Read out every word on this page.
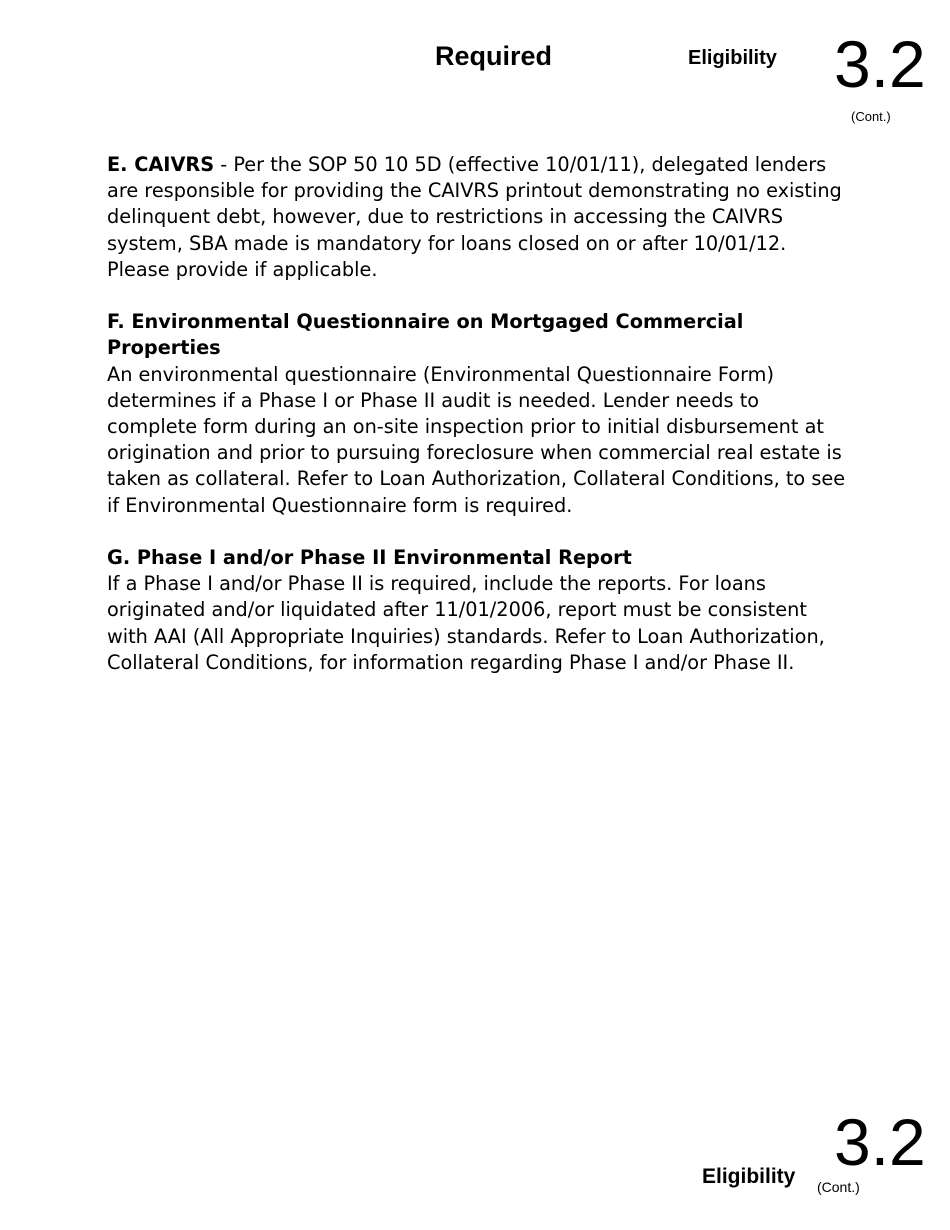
Required	Eligibility 3.2
(Cont.)

E. CAIVRS - Per the SOP 50 10 5D (effective 10/01/11), delegated lenders are responsible for providing the CAIVRS printout demonstrating no existing delinquent debt, however, due to restrictions in accessing the CAIVRS system, SBA made is mandatory for loans closed on or after 10/01/12. Please provide if applicable.

F. Environmental Questionnaire on Mortgaged Commercial Properties

An environmental questionnaire (Environmental Questionnaire Form) determines if a Phase I or Phase II audit is needed. Lender needs to complete form during an on-site inspection prior to initial disbursement at origination and prior to pursuing foreclosure when commercial real estate is taken as collateral. Refer to Loan Authorization, Collateral Conditions, to see if Environmental Questionnaire form is required.

G. Phase I and/or Phase II Environmental Report

If a Phase I and/or Phase II is required, include the reports. For loans originated and/or liquidated after 11/01/2006, report must be consistent with AAI (All Appropriate Inquiries) standards. Refer to Loan Authorization, Collateral Conditions, for information regarding Phase I and/or Phase II.

Eligibility 3.2
(Cont.)
